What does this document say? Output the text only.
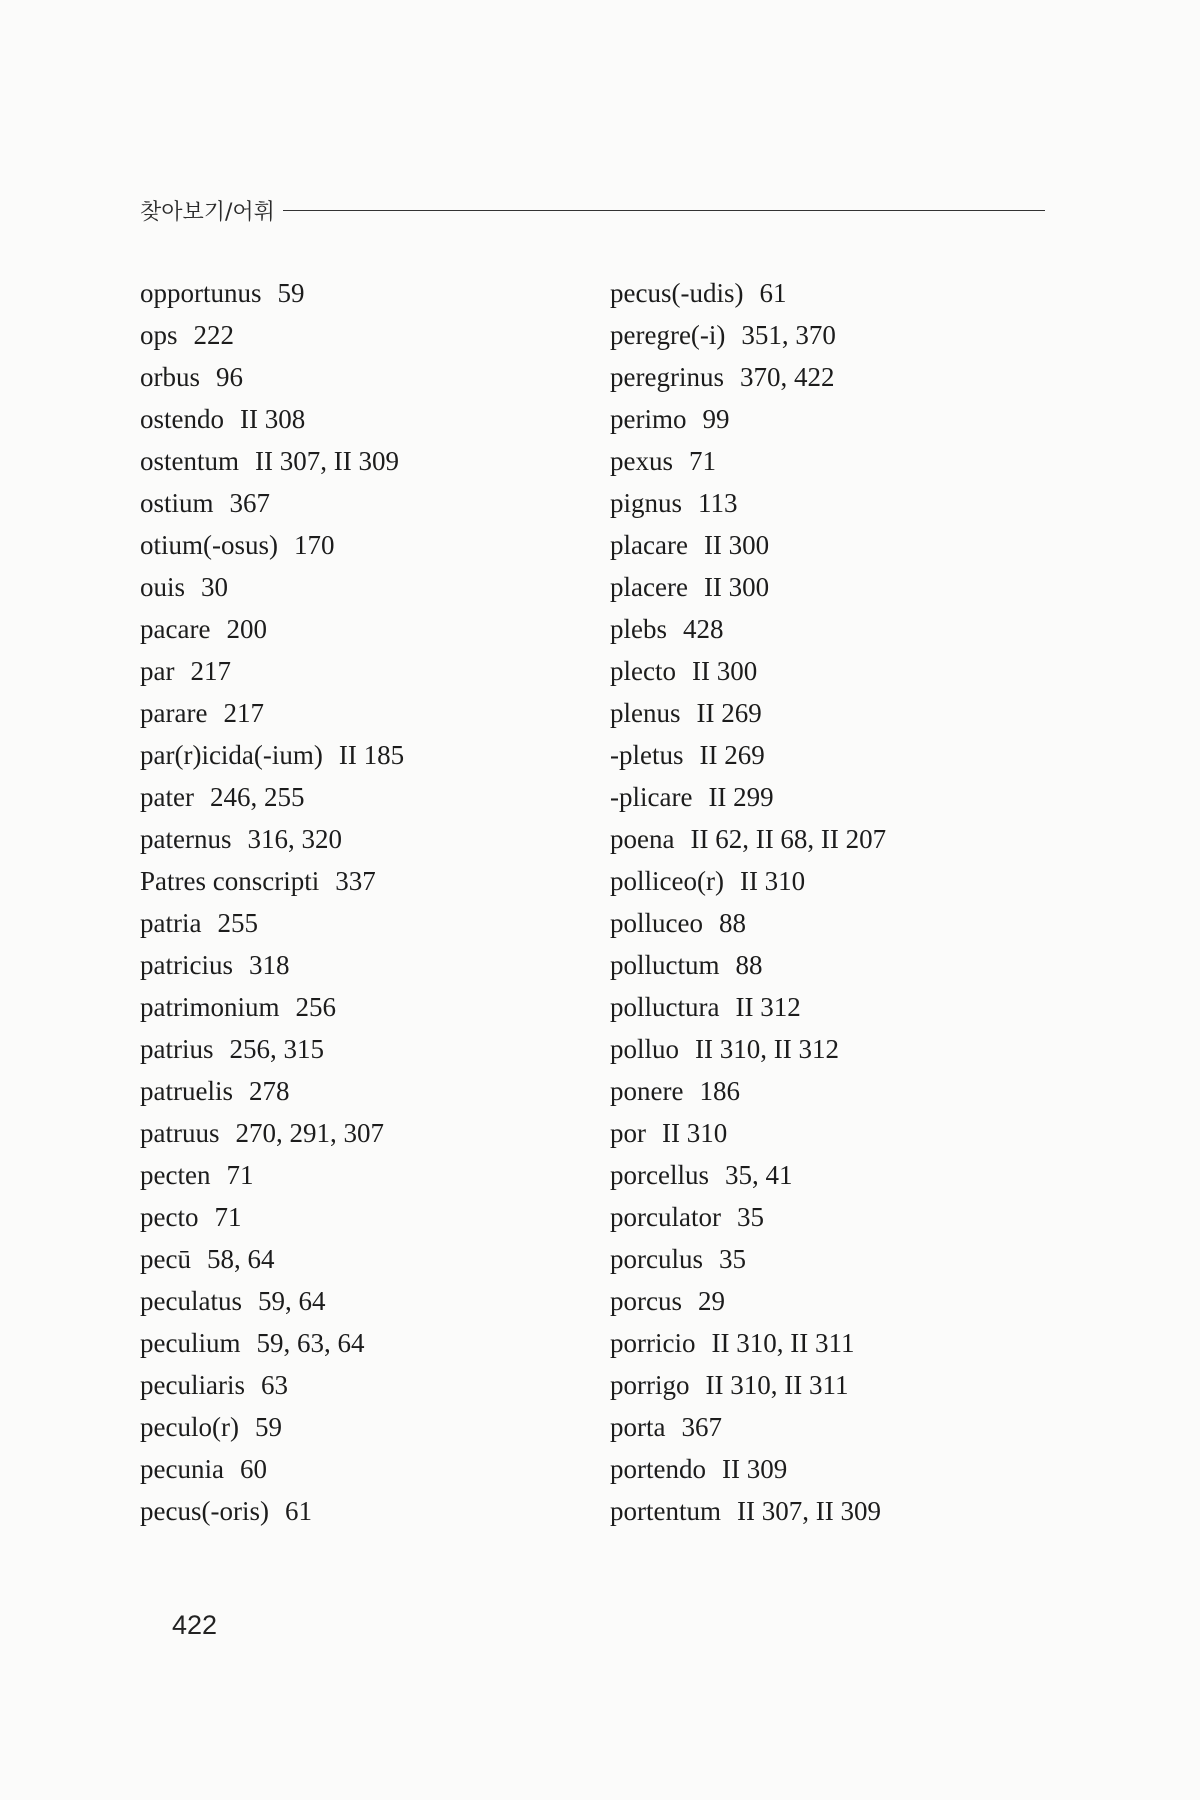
찾아보기/어휘
opportunus 59
ops 222
orbus 96
ostendo II 308
ostentum II 307, II 309
ostium 367
otium(-osus) 170
ouis 30
pacare 200
par 217
parare 217
par(r)icida(-ium) II 185
pater 246, 255
paternus 316, 320
Patres conscripti 337
patria 255
patricius 318
patrimonium 256
patrius 256, 315
patruelis 278
patruus 270, 291, 307
pecten 71
pecto 71
pecū 58, 64
peculatus 59, 64
peculium 59, 63, 64
peculiaris 63
peculo(r) 59
pecunia 60
pecus(-oris) 61
pecus(-udis) 61
peregre(-i) 351, 370
peregrinus 370, 422
perimo 99
pexus 71
pignus 113
placare II 300
placere II 300
plebs 428
plecto II 300
plenus II 269
-pletus II 269
-plicare II 299
poena II 62, II 68, II 207
polliceo(r) II 310
polluceo 88
polluctum 88
polluctura II 312
polluo II 310, II 312
ponere 186
por II 310
porcellus 35, 41
porculator 35
porculus 35
porcus 29
porricio II 310, II 311
porrigo II 310, II 311
porta 367
portendo II 309
portentum II 307, II 309
422
